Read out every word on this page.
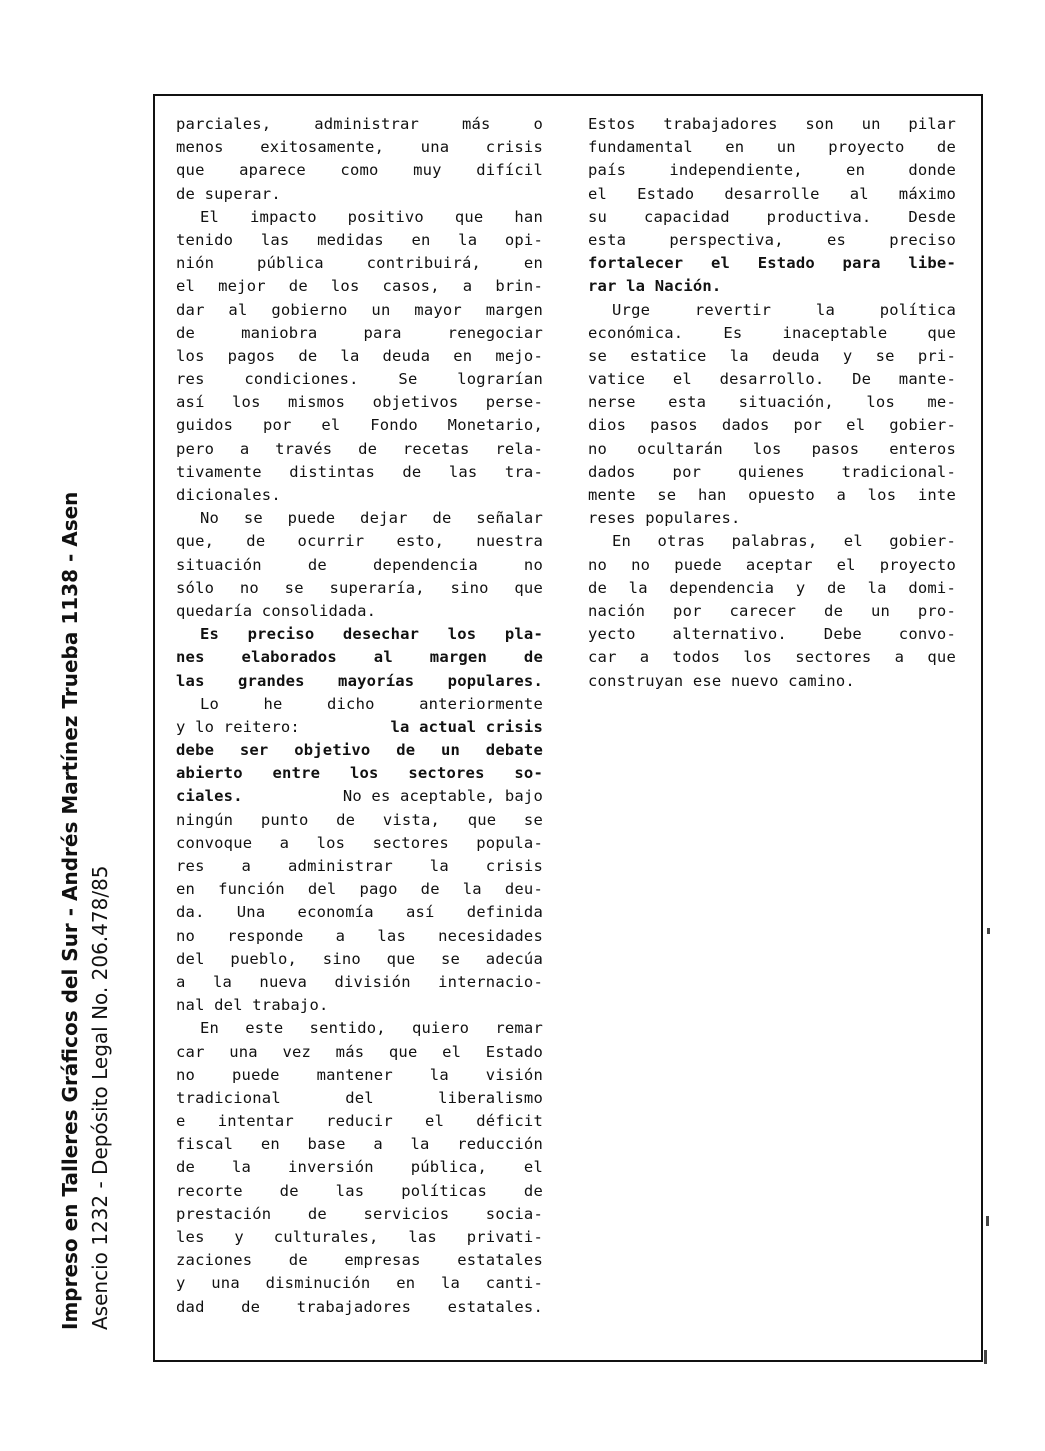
Impreso en Talleres Gráficos del Sur - Andrés Martínez Trueba 1138 - Asen Asencio 1232 - Depósito Legal No. 206.478/85
parciales, administrar más o
menos exitosamente, una crisis
que aparece como muy difícil
de superar.
El impacto positivo que han
tenido las medidas en la opi-
nión pública contribuirá, en
el mejor de los casos, a brin-
dar al gobierno un mayor margen
de maniobra para renegociar
los pagos de la deuda en mejo-
res condiciones. Se lograrían
así los mismos objetivos perse-
guidos por el Fondo Monetario,
pero a través de recetas rela-
tivamente distintas de las tra-
dicionales.
No se puede dejar de señalar
que, de ocurrir esto, nuestra
situación de dependencia no
sólo no se superaría, sino que
quedaría consolidada.
Es preciso desechar los pla-
nes elaborados al margen de
las grandes mayorías populares.
Lo he dicho anteriormente
y lo reitero:	la actual crisis
debe ser objetivo de un debate
abierto entre los sectores so-
ciales.	No es aceptable, bajo
ningún punto de vista, que se
convoque a los sectores popula-
res a administrar la crisis
en función del pago de la deu-
da. Una economía así definida
no responde a las necesidades
del pueblo, sino que se adecúa
a la nueva división internacio-
nal del trabajo.
En este sentido, quiero remar
car una vez más que el Estado
no puede mantener la visión
tradicional del liberalismo
e intentar reducir el déficit
fiscal en base a la reducción
de la inversión pública, el
recorte de las políticas de
prestación de servicios socia-
les y culturales, las privati-
zaciones de empresas estatales
y una disminución en la canti-
dad de trabajadores estatales.
Estos trabajadores son un pilar
fundamental en un proyecto de
país independiente, en donde
el Estado desarrolle al máximo
su capacidad productiva. Desde
esta perspectiva, es preciso
fortalecer el Estado para libe-
rar la Nación.
Urge revertir la política
económica. Es inaceptable que
se estatice la deuda y se pri-
vatice el desarrollo. De mante-
nerse esta situación, los me-
dios pasos dados por el gobier-
no ocultarán los pasos enteros
dados por quienes tradicional-
mente se han opuesto a los inte
reses populares.
En otras palabras, el gobier-
no no puede aceptar el proyecto
de la dependencia y de la domi-
nación por carecer de un pro-
yecto alternativo. Debe convo-
car a todos los sectores a que
construyan ese nuevo camino.
